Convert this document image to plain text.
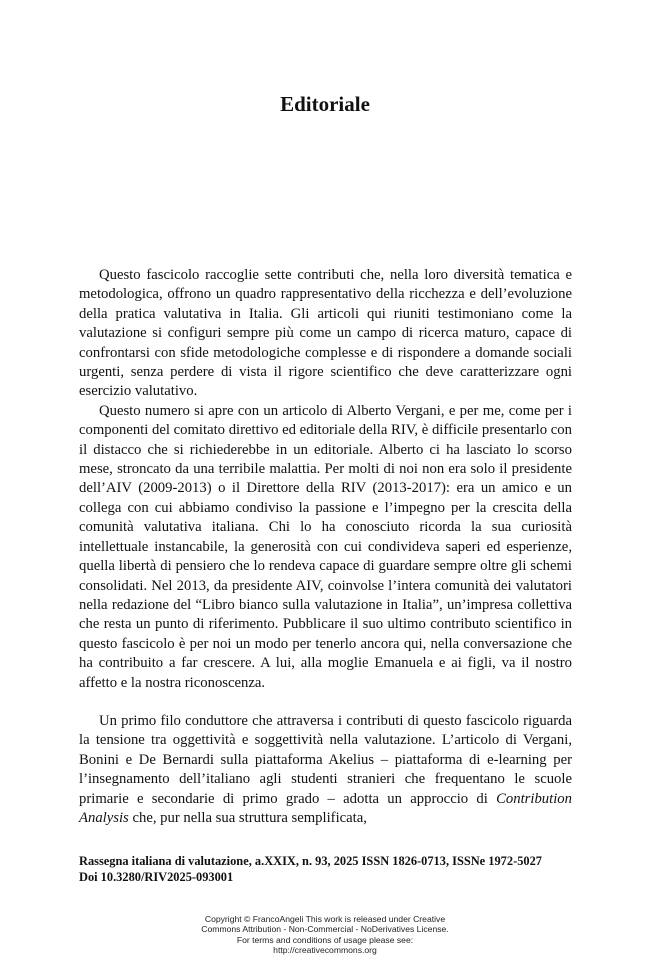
Editoriale

Questo fascicolo raccoglie sette contributi che, nella loro diversità tematica e metodologica, offrono un quadro rappresentativo della ricchezza e dell’evoluzione della pratica valutativa in Italia. Gli articoli qui riuniti testimoniano come la valutazione si configuri sempre più come un campo di ricerca maturo, capace di confrontarsi con sfide metodologiche complesse e di rispondere a domande sociali urgenti, senza perdere di vista il rigore scientifico che deve caratterizzare ogni esercizio valutativo.

Questo numero si apre con un articolo di Alberto Vergani, e per me, come per i componenti del comitato direttivo ed editoriale della RIV, è difficile presentarlo con il distacco che si richiederebbe in un editoriale. Alberto ci ha lasciato lo scorso mese, stroncato da una terribile malattia. Per molti di noi non era solo il presidente dell’AIV (2009-2013) o il Direttore della RIV (2013-2017): era un amico e un collega con cui abbiamo condiviso la passione e l’impegno per la crescita della comunità valutativa italiana. Chi lo ha conosciuto ricorda la sua curiosità intellettuale instancabile, la generosità con cui condivideva saperi ed esperienze, quella libertà di pensiero che lo rendeva capace di guardare sempre oltre gli schemi consolidati. Nel 2013, da presidente AIV, coinvolse l’intera comunità dei valutatori nella redazione del “Libro bianco sulla valutazione in Italia”, un’impresa collettiva che resta un punto di riferimento. Pubblicare il suo ultimo contributo scientifico in questo fascicolo è per noi un modo per tenerlo ancora qui, nella conversazione che ha contribuito a far crescere. A lui, alla moglie Emanuela e ai figli, va il nostro affetto e la nostra riconoscenza.

Un primo filo conduttore che attraversa i contributi di questo fascicolo riguarda la tensione tra oggettività e soggettività nella valutazione. L’articolo di Vergani, Bonini e De Bernardi sulla piattaforma Akelius – piattaforma di e-learning per l’insegnamento dell’italiano agli studenti stranieri che frequentano le scuole primarie e secondarie di primo grado – adotta un approccio di Contribution Analysis che, pur nella sua struttura semplificata,

Rassegna italiana di valutazione, a.XXIX, n. 93, 2025 ISSN 1826-0713, ISSNe 1972-5027
Doi 10.3280/RIV2025-093001
Copyright © FrancoAngeli This work is released under Creative
Commons Attribution - Non-Commercial - NoDerivatives License.
For terms and conditions of usage please see:
http://creativecommons.org
